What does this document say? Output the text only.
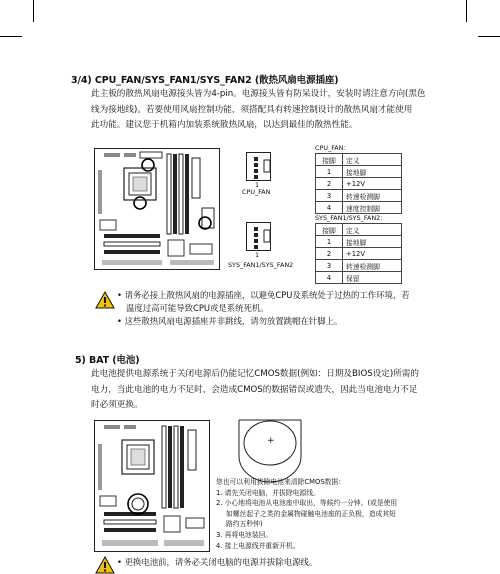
3/4) CPU_FAN/SYS_FAN1/SYS_FAN2 (散热风扇电源插座)
此主板的散热风扇电源接头皆为4-pin。电源接头皆有防呆设计，安装时请注意方向(黑色
线为接地线)。若要使用风扇控制功能，须搭配具有转速控制设计的散热风扇才能使用
此功能。建议您于机箱内加装系统散热风扇，以达到最佳的散热性能。
1
CPU_FAN
1
SYS_FAN1/SYS_FAN2
CPU_FAN：
接脚	定义
1	接地脚
2	+12V
3	转速检测脚
4	速度控制脚
SYS_FAN1/SYS_FAN2：
接脚	定义
1	接地脚
2	+12V
3	转速检测脚
4	保留
• 请务必接上散热风扇的电源插座，以避免CPU及系统处于过热的工作环境，若
温度过高可能导致CPU或是系统死机。
• 这些散热风扇电源插座并非跳线，请勿放置跳帽在针脚上。
5) BAT (电池)
此电池提供电源系统于关闭电源后仍能记忆CMOS数据(例如：日期及BIOS设定)所需的
电力，当此电池的电力不足时，会造成CMOS的数据错误或遗失，因此当电池电力不足
时必须更换。
+
您也可以利用拔除电池来清除CMOS数据：
1. 请先关闭电脑，并拔除电源线。
2. 小心地将电池从电池座中取出，等候约一分钟。(或是使用
如螺丝起子之类的金属物碰触电池座的正负极，造成其短
路约五秒钟)
3. 再将电池装回。
4. 接上电源线并重新开机。
• 更换电池前，请务必关闭电脑的电源并拔除电源线。
